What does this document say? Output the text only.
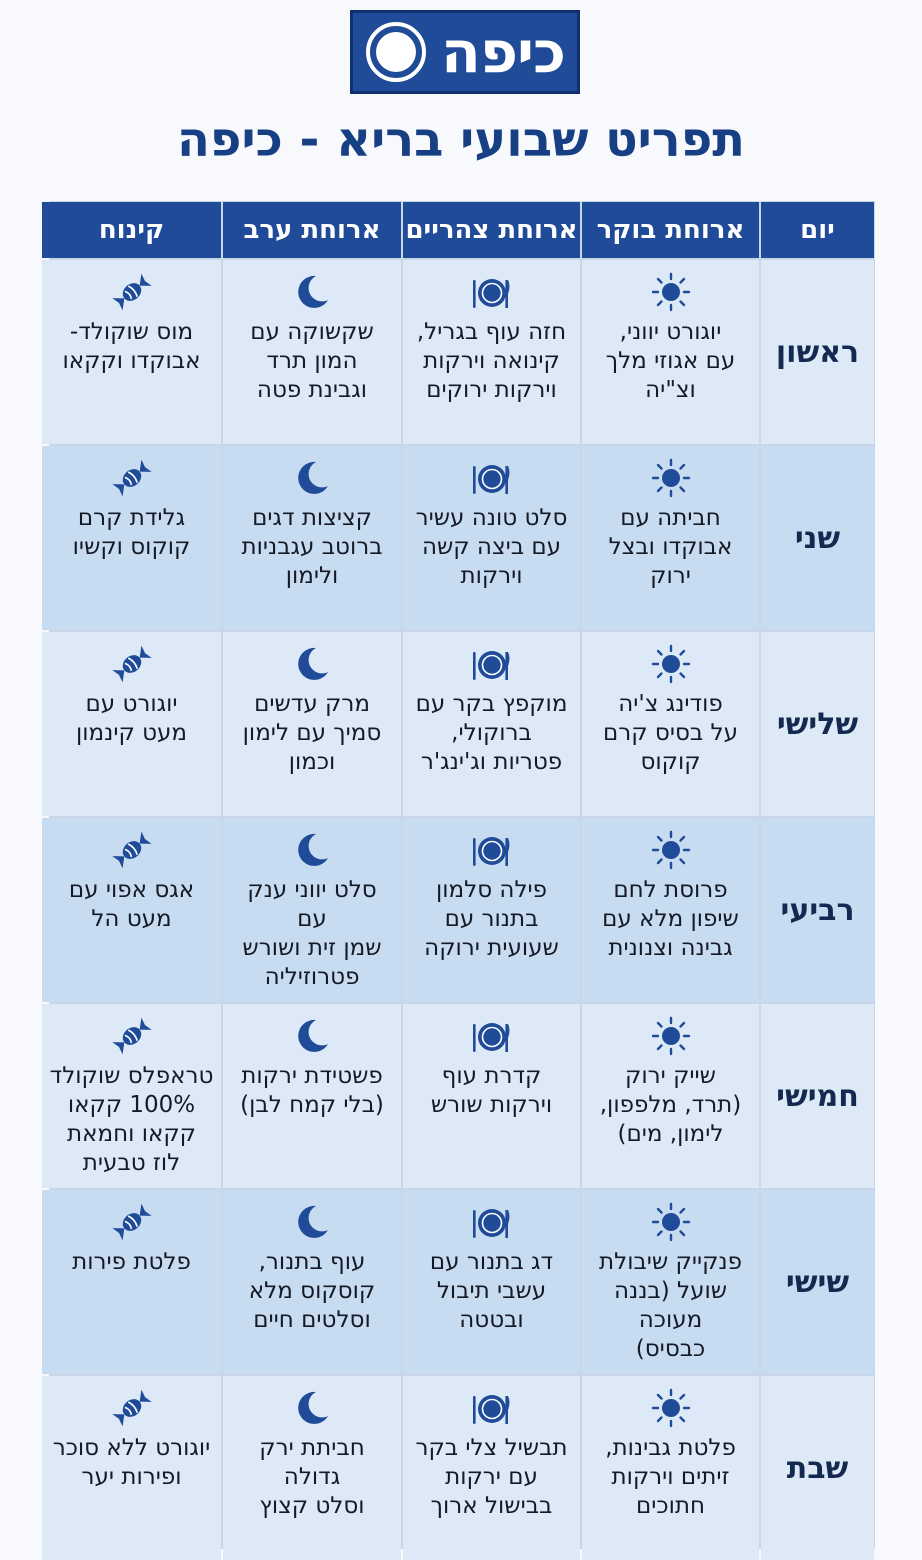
כיפה
תפריט שבועי בריא - כיפה
יום
ארוחת בוקר
ארוחת צהריים
ארוחת ערב
קינוח
ראשון
יוגורט יווני,
עם אגוזי מלך
וצ"יה
חזה עוף בגריל,
קינואה וירקות
וירקות ירוקים
שקשוקה עם
המון תרד
וגבינת פטה
מוס שוקולד-
אבוקדו וקקאו
שני
חביתה עם
אבוקדו ובצל
ירוק
סלט טונה עשיר
עם ביצה קשה
וירקות
קציצות דגים
ברוטב עגבניות
ולימון
גלידת קרם
קוקוס וקשיו
שלישי
פודינג צ'יה
על בסיס קרם
קוקוס
מוקפץ בקר עם
ברוקולי,
פטריות וג'ינג'ר
מרק עדשים
סמיך עם לימון
וכמון
יוגורט עם
מעט קינמון
רביעי
פרוסת לחם
שיפון מלא עם
גבינה וצנונית
פילה סלמון
בתנור עם
שעועית ירוקה
סלט יווני ענק עם
שמן זית ושורש
פטרוזיליה
אגס אפוי עם
מעט הל
חמישי
שייק ירוק
(תרד, מלפפון,
לימון, מים)
קדרת עוף
וירקות שורש
פשטידת ירקות
(בלי קמח לבן)
טראפלס שוקולד
100% קקאו
קקאו וחמאת
לוז טבעית
שישי
פנקייק שיבולת
שועל (בננה
מעוכה
כבסיס)
דג בתנור עם
עשבי תיבול
ובטטה
עוף בתנור,
קוסקוס מלא
וסלטים חיים
פלטת פירות
שבת
פלטת גבינות,
זיתים וירקות
חתוכים
תבשיל צלי בקר
עם ירקות
בבישול ארוך
חביתת ירק גדולה
וסלט קצוץ
יוגורט ללא סוכר
ופירות יער
